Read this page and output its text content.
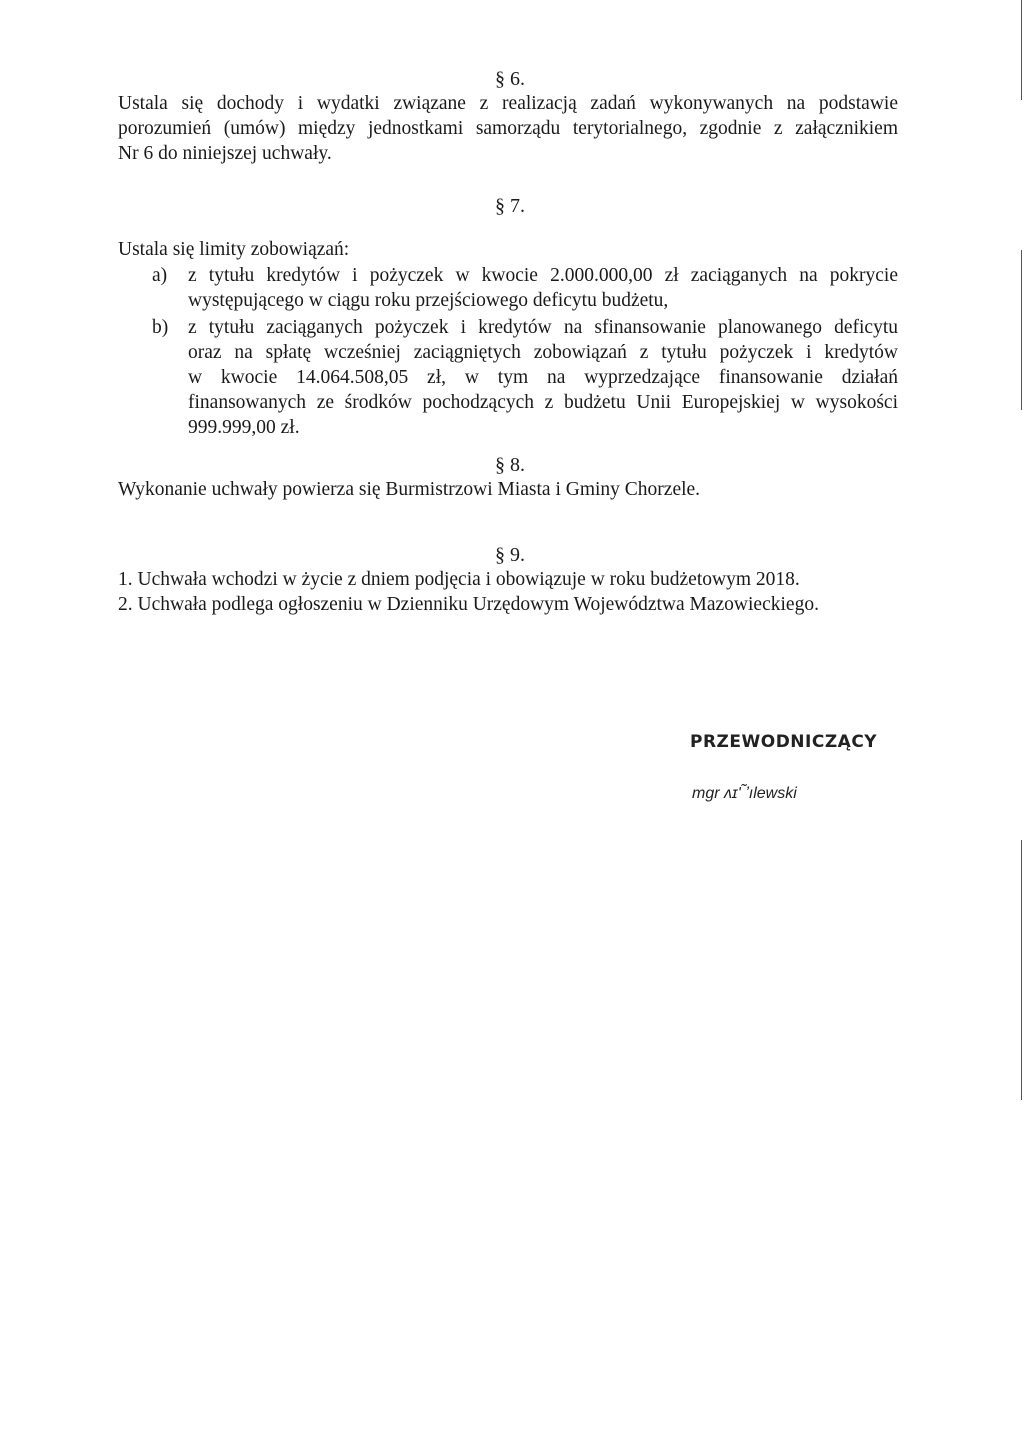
§ 6.
Ustala się dochody i wydatki związane z realizacją zadań wykonywanych na podstawie
porozumień (umów) między jednostkami samorządu terytorialnego, zgodnie z załącznikiem
Nr 6 do niniejszej uchwały.
§ 7.
Ustala się limity zobowiązań:
a) z tytułu kredytów i pożyczek w kwocie 2.000.000,00 zł zaciąganych na pokrycie
występującego w ciągu roku przejściowego deficytu budżetu,
b) z tytułu zaciąganych pożyczek i kredytów na sfinansowanie planowanego deficytu
oraz na spłatę wcześniej zaciągniętych zobowiązań z tytułu pożyczek i kredytów
w kwocie 14.064.508,05 zł, w tym na wyprzedzające finansowanie działań
finansowanych ze środków pochodzących z budżetu Unii Europejskiej w wysokości
999.999,00 zł.
§ 8.
Wykonanie uchwały powierza się Burmistrzowi Miasta i Gminy Chorzele.
§ 9.
1. Uchwała wchodzi w życie z dniem podjęcia i obowiązuje w roku budżetowym 2018.
2. Uchwała podlega ogłoszeniu w Dzienniku Urzędowym Województwa Mazowieckiego.
PRZEWODNICZĄCY
mgr ʌɪ' ʼ̃ılewski
